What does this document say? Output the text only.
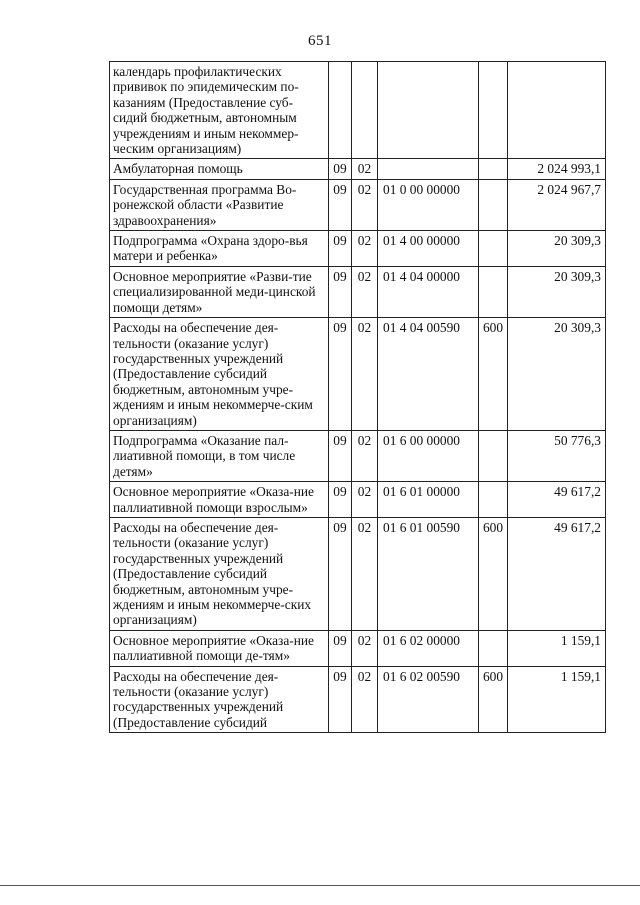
651
календарь профилактических прививок по эпидемическим по-казаниям (Предоставление суб-сидий бюджетным, автономным учреждениям и иным некоммер-ческим организациям)					
Амбулаторная помощь	09	02			2 024 993,1
Государственная программа Во-ронежской области «Развитие здравоохранения»	09	02	01 0 00 00000		2 024 967,7
Подпрограмма «Охрана здоро-вья матери и ребенка»	09	02	01 4 00 00000		20 309,3
Основное мероприятие «Разви-тие специализированной меди-цинской помощи детям»	09	02	01 4 04 00000		20 309,3
Расходы на обеспечение дея-тельности (оказание услуг) государственных учреждений (Предоставление субсидий бюджетным, автономным учре-ждениям и иным некоммерче-ским организациям)	09	02	01 4 04 00590	600	20 309,3
Подпрограмма «Оказание пал-лиативной помощи, в том числе детям»	09	02	01 6 00 00000		50 776,3
Основное мероприятие «Оказа-ние паллиативной помощи взрослым»	09	02	01 6 01 00000		49 617,2
Расходы на обеспечение дея-тельности (оказание услуг) государственных учреждений (Предоставление субсидий бюджетным, автономным учре-ждениям и иным некоммерче-ских организациям)	09	02	01 6 01 00590	600	49 617,2
Основное мероприятие «Оказа-ние паллиативной помощи де-тям»	09	02	01 6 02 00000		1 159,1
Расходы на обеспечение дея-тельности (оказание услуг) государственных учреждений (Предоставление субсидий	09	02	01 6 02 00590	600	1 159,1
